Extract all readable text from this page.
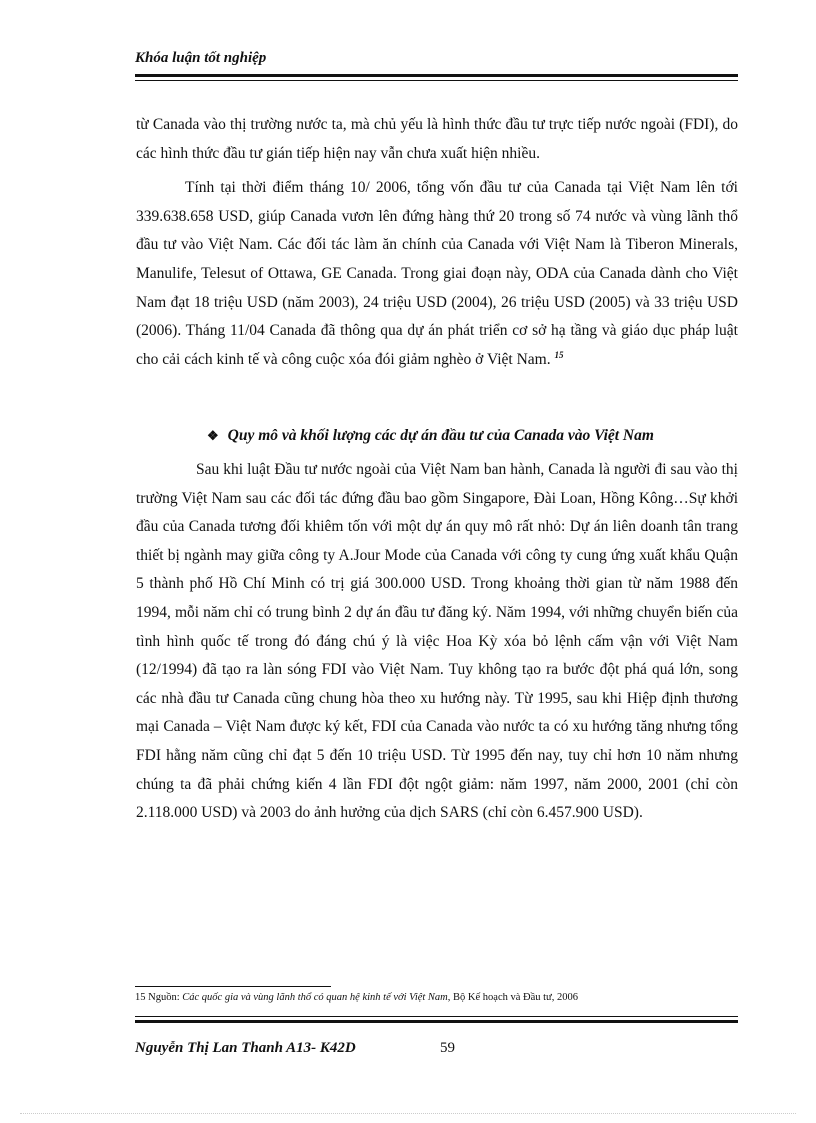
Khóa luận tốt nghiệp

từ Canada vào thị trường nước ta, mà chủ yếu là hình thức đầu tư trực tiếp nước ngoài (FDI), do các hình thức đầu tư gián tiếp hiện nay vẫn chưa xuất hiện nhiều.

Tính tại thời điểm tháng 10/ 2006, tổng vốn đầu tư của Canada tại Việt Nam lên tới 339.638.658 USD, giúp Canada vươn lên đứng hàng thứ 20 trong số 74 nước và vùng lãnh thổ đầu tư vào Việt Nam. Các đối tác làm ăn chính của Canada với Việt Nam là Tiberon Minerals, Manulife, Telesut of Ottawa, GE Canada. Trong giai đoạn này, ODA của Canada dành cho Việt Nam đạt 18 triệu USD (năm 2003), 24 triệu USD (2004), 26 triệu USD (2005) và 33 triệu USD (2006). Tháng 11/04 Canada đã thông qua dự án phát triển cơ sở hạ tầng và giáo dục pháp luật cho cải cách kinh tế và công cuộc xóa đói giảm nghèo ở Việt Nam. $^{15}$

❖ Quy mô và khối lượng các dự án đầu tư của Canada vào Việt Nam

Sau khi luật Đầu tư nước ngoài của Việt Nam ban hành, Canada là người đi sau vào thị trường Việt Nam sau các đối tác đứng đầu bao gồm Singapore, Đài Loan, Hồng Kông…Sự khởi đầu của Canada tương đối khiêm tốn với một dự án quy mô rất nhỏ: Dự án liên doanh tân trang thiết bị ngành may giữa công ty A.Jour Mode của Canada với công ty cung ứng xuất khẩu Quận 5 thành phố Hồ Chí Minh có trị giá 300.000 USD. Trong khoảng thời gian từ năm 1988 đến 1994, mỗi năm chỉ có trung bình 2 dự án đầu tư đăng ký. Năm 1994, với những chuyển biến của tình hình quốc tế trong đó đáng chú ý là việc Hoa Kỳ xóa bỏ lệnh cấm vận với Việt Nam (12/1994) đã tạo ra làn sóng FDI vào Việt Nam. Tuy không tạo ra bước đột phá quá lớn, song các nhà đầu tư Canada cũng chung hòa theo xu hướng này. Từ 1995, sau khi Hiệp định thương mại Canada – Việt Nam được ký kết, FDI của Canada vào nước ta có xu hướng tăng nhưng tổng FDI hằng năm cũng chỉ đạt 5 đến 10 triệu USD. Từ 1995 đến nay, tuy chỉ hơn 10 năm nhưng chúng ta đã phải chứng kiến 4 lần FDI đột ngột giảm: năm 1997, năm 2000, 2001 (chỉ còn 2.118.000 USD) và 2003 do ảnh hưởng của dịch SARS (chỉ còn 6.457.900 USD).

15 Nguồn: Các quốc gia và vùng lãnh thổ có quan hệ kinh tế với Việt Nam, Bộ Kế hoạch và Đầu tư, 2006
Nguyễn Thị Lan Thanh A13- K42D	59
